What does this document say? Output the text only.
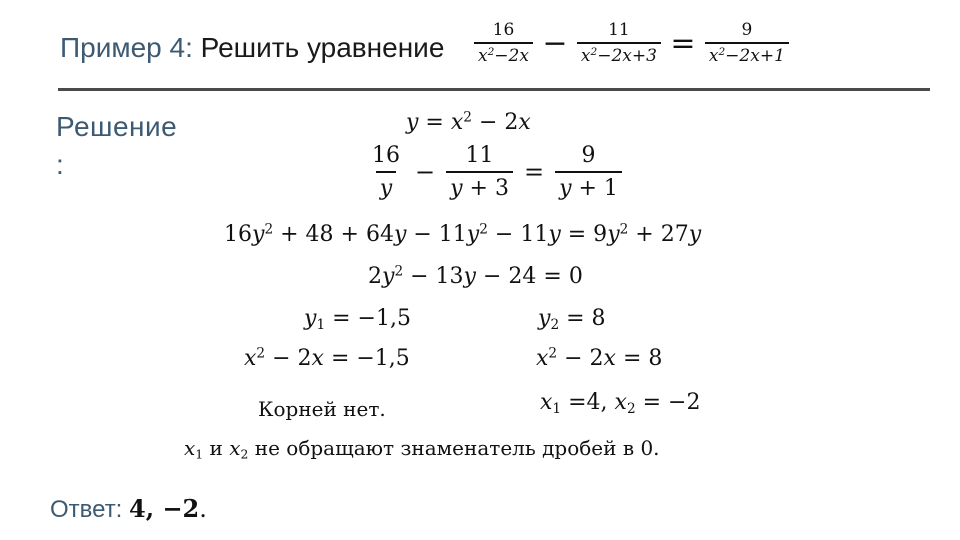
Пример 4: Решить уравнение $\frac{16}{x^2-2x} - \frac{11}{x^2-2x+3} = \frac{9}{x^2-2x+1}$
Решение
:
$y = x^2 - 2x$
$\frac{16}{y} - \frac{11}{y + 3} = \frac{9}{y + 1}$
$16y^2 + 48 + 64y - 11y^2 - 11y = 9y^2 + 27y$
$2y^2 - 13y - 24 = 0$
$y_1 = -1,5$	$y_2 = 8$
$x^2 - 2x = -1,5$	$x^2 - 2x = 8$
Корней нет.	$x_1 =4$, $x_2 = -2$
$x_1$ и $x_2$ не обращают знаменатель дробей в 0.
Ответ: 4, −2.
